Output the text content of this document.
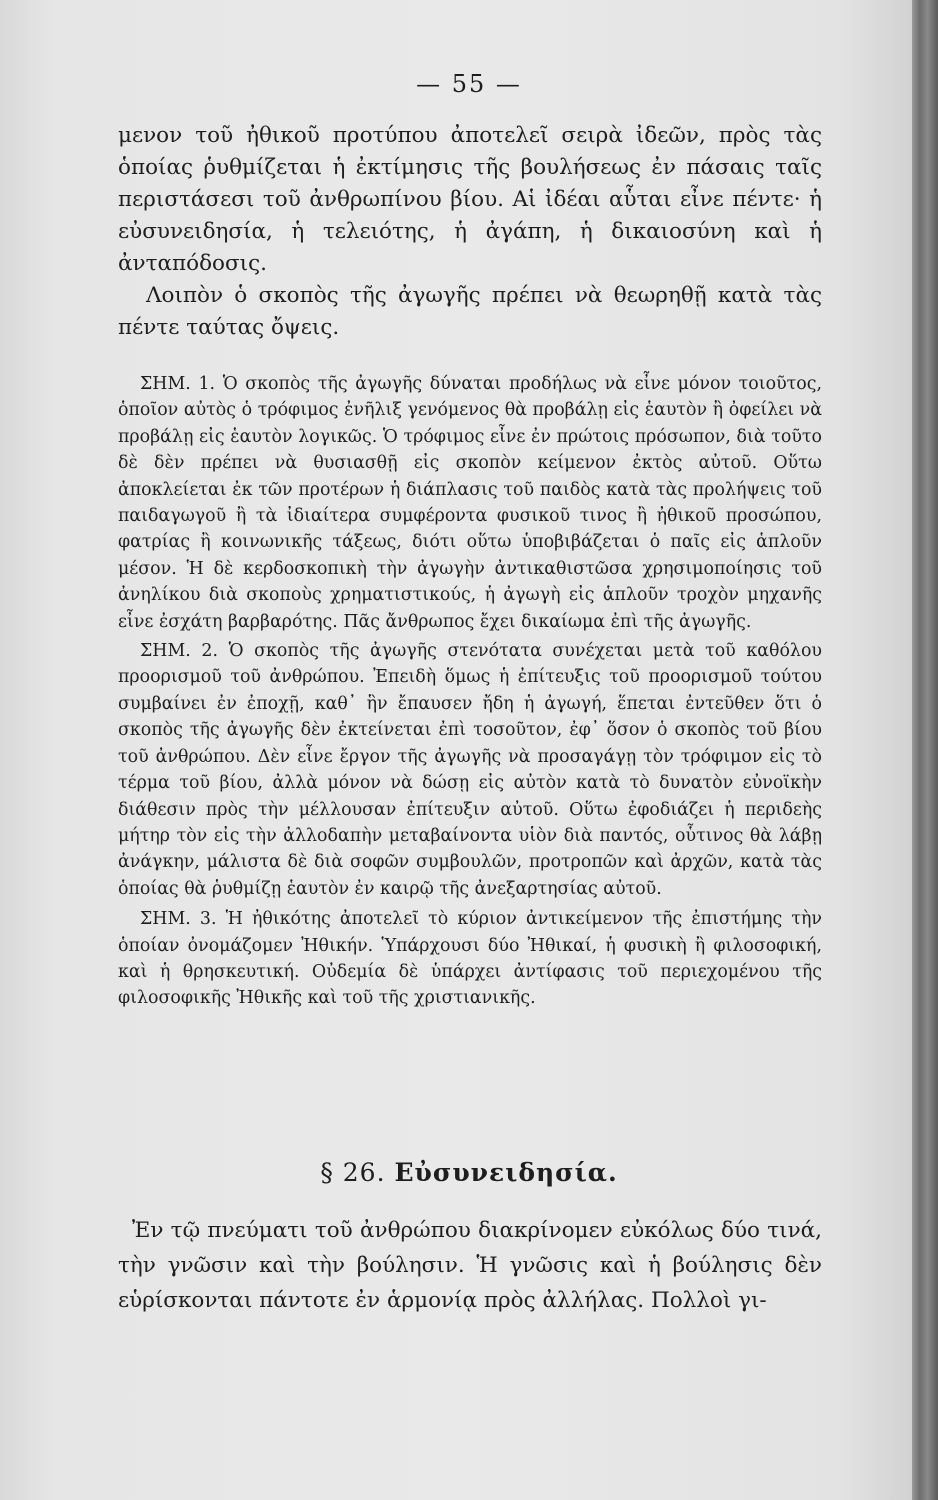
— 55 —

μενον τοῦ ἠθικοῦ προτύπου ἀποτελεῖ σειρὰ ἰδεῶν, πρὸς τὰς ὁποίας ῥυθμίζεται ἡ ἐκτίμησις τῆς βουλήσεως ἐν πάσαις ταῖς περιστάσεσι τοῦ ἀνθρωπίνου βίου. Αἱ ἰδέαι αὗται εἶνε πέντε· ἡ εὐσυνειδησία, ἡ τελειότης, ἡ ἀγάπη, ἡ δικαιοσύνη καὶ ἡ ἀνταπόδοσις.

Λοιπὸν ὁ σκοπὸς τῆς ἀγωγῆς πρέπει νὰ θεωρηθῇ κατὰ τὰς πέντε ταύτας ὄψεις.

ΣΗΜ. 1. Ὁ σκοπὸς τῆς ἀγωγῆς δύναται προδήλως νὰ εἶνε μόνον τοιοῦτος, ὁποῖον αὐτὸς ὁ τρόφιμος ἐνῆλιξ γενόμενος θὰ προβάλῃ εἰς ἑαυτὸν ἢ ὀφείλει νὰ προβάλῃ εἰς ἑαυτὸν λογικῶς. Ὁ τρόφιμος εἶνε ἐν πρώτοις πρόσωπον, διὰ τοῦτο δὲ δὲν πρέπει νὰ θυσιασθῇ εἰς σκοπὸν κείμενον ἐκτὸς αὐτοῦ. Οὕτω ἀποκλείεται ἐκ τῶν προτέρων ἡ διάπλασις τοῦ παιδὸς κατὰ τὰς προλήψεις τοῦ παιδαγωγοῦ ἢ τὰ ἰδιαίτερα συμφέροντα φυσικοῦ τινος ἢ ἠθικοῦ προσώπου, φατρίας ἢ κοινωνικῆς τάξεως, διότι οὕτω ὑποβιβάζεται ὁ παῖς εἰς ἁπλοῦν μέσον. Ἡ δὲ κερδοσκοπικὴ τὴν ἀγωγὴν ἀντικαθιστῶσα χρησιμοποίησις τοῦ ἀνηλίκου διὰ σκοποὺς χρηματιστικούς, ἡ ἀγωγὴ εἰς ἁπλοῦν τροχὸν μηχανῆς εἶνε ἐσχάτη βαρβαρότης. Πᾶς ἄνθρωπος ἔχει δικαίωμα ἐπὶ τῆς ἀγωγῆς.

ΣΗΜ. 2. Ὁ σκοπὸς τῆς ἀγωγῆς στενότατα συνέχεται μετὰ τοῦ καθόλου προορισμοῦ τοῦ ἀνθρώπου. Ἐπειδὴ ὅμως ἡ ἐπίτευξις τοῦ προορισμοῦ τούτου συμβαίνει ἐν ἐποχῇ, καθ᾽ ἣν ἔπαυσεν ἤδη ἡ ἀγωγή, ἕπεται ἐντεῦθεν ὅτι ὁ σκοπὸς τῆς ἀγωγῆς δὲν ἐκτείνεται ἐπὶ τοσοῦτον, ἐφ᾽ ὅσον ὁ σκοπὸς τοῦ βίου τοῦ ἀνθρώπου. Δὲν εἶνε ἔργον τῆς ἀγωγῆς νὰ προσαγάγῃ τὸν τρόφιμον εἰς τὸ τέρμα τοῦ βίου, ἀλλὰ μόνον νὰ δώσῃ εἰς αὐτὸν κατὰ τὸ δυνατὸν εὐνοϊκὴν διάθεσιν πρὸς τὴν μέλλουσαν ἐπίτευξιν αὐτοῦ. Οὕτω ἐφοδιάζει ἡ περιδεὴς μήτηρ τὸν εἰς τὴν ἀλλοδαπὴν μεταβαίνοντα υἱὸν διὰ παντός, οὗτινος θὰ λάβῃ ἀνάγκην, μάλιστα δὲ διὰ σοφῶν συμβουλῶν, προτροπῶν καὶ ἀρχῶν, κατὰ τὰς ὁποίας θὰ ῥυθμίζῃ ἑαυτὸν ἐν καιρῷ τῆς ἀνεξαρτησίας αὐτοῦ.

ΣΗΜ. 3. Ἡ ἠθικότης ἀποτελεῖ τὸ κύριον ἀντικείμενον τῆς ἐπιστήμης τὴν ὁποίαν ὀνομάζομεν Ἠθικήν. Ὑπάρχουσι δύο Ἠθικαί, ἡ φυσικὴ ἢ φιλοσοφική, καὶ ἡ θρησκευτική. Οὐδεμία δὲ ὑπάρχει ἀντίφασις τοῦ περιεχομένου τῆς φιλοσοφικῆς Ἠθικῆς καὶ τοῦ τῆς χριστιανικῆς.

§ 26. Εὐσυνειδησία.

Ἐν τῷ πνεύματι τοῦ ἀνθρώπου διακρίνομεν εὐκόλως δύο τινά, τὴν γνῶσιν καὶ τὴν βούλησιν. Ἡ γνῶσις καὶ ἡ βούλησις δὲν εὑρίσκονται πάντοτε ἐν ἁρμονίᾳ πρὸς ἀλλήλας. Πολλοὶ γι-
